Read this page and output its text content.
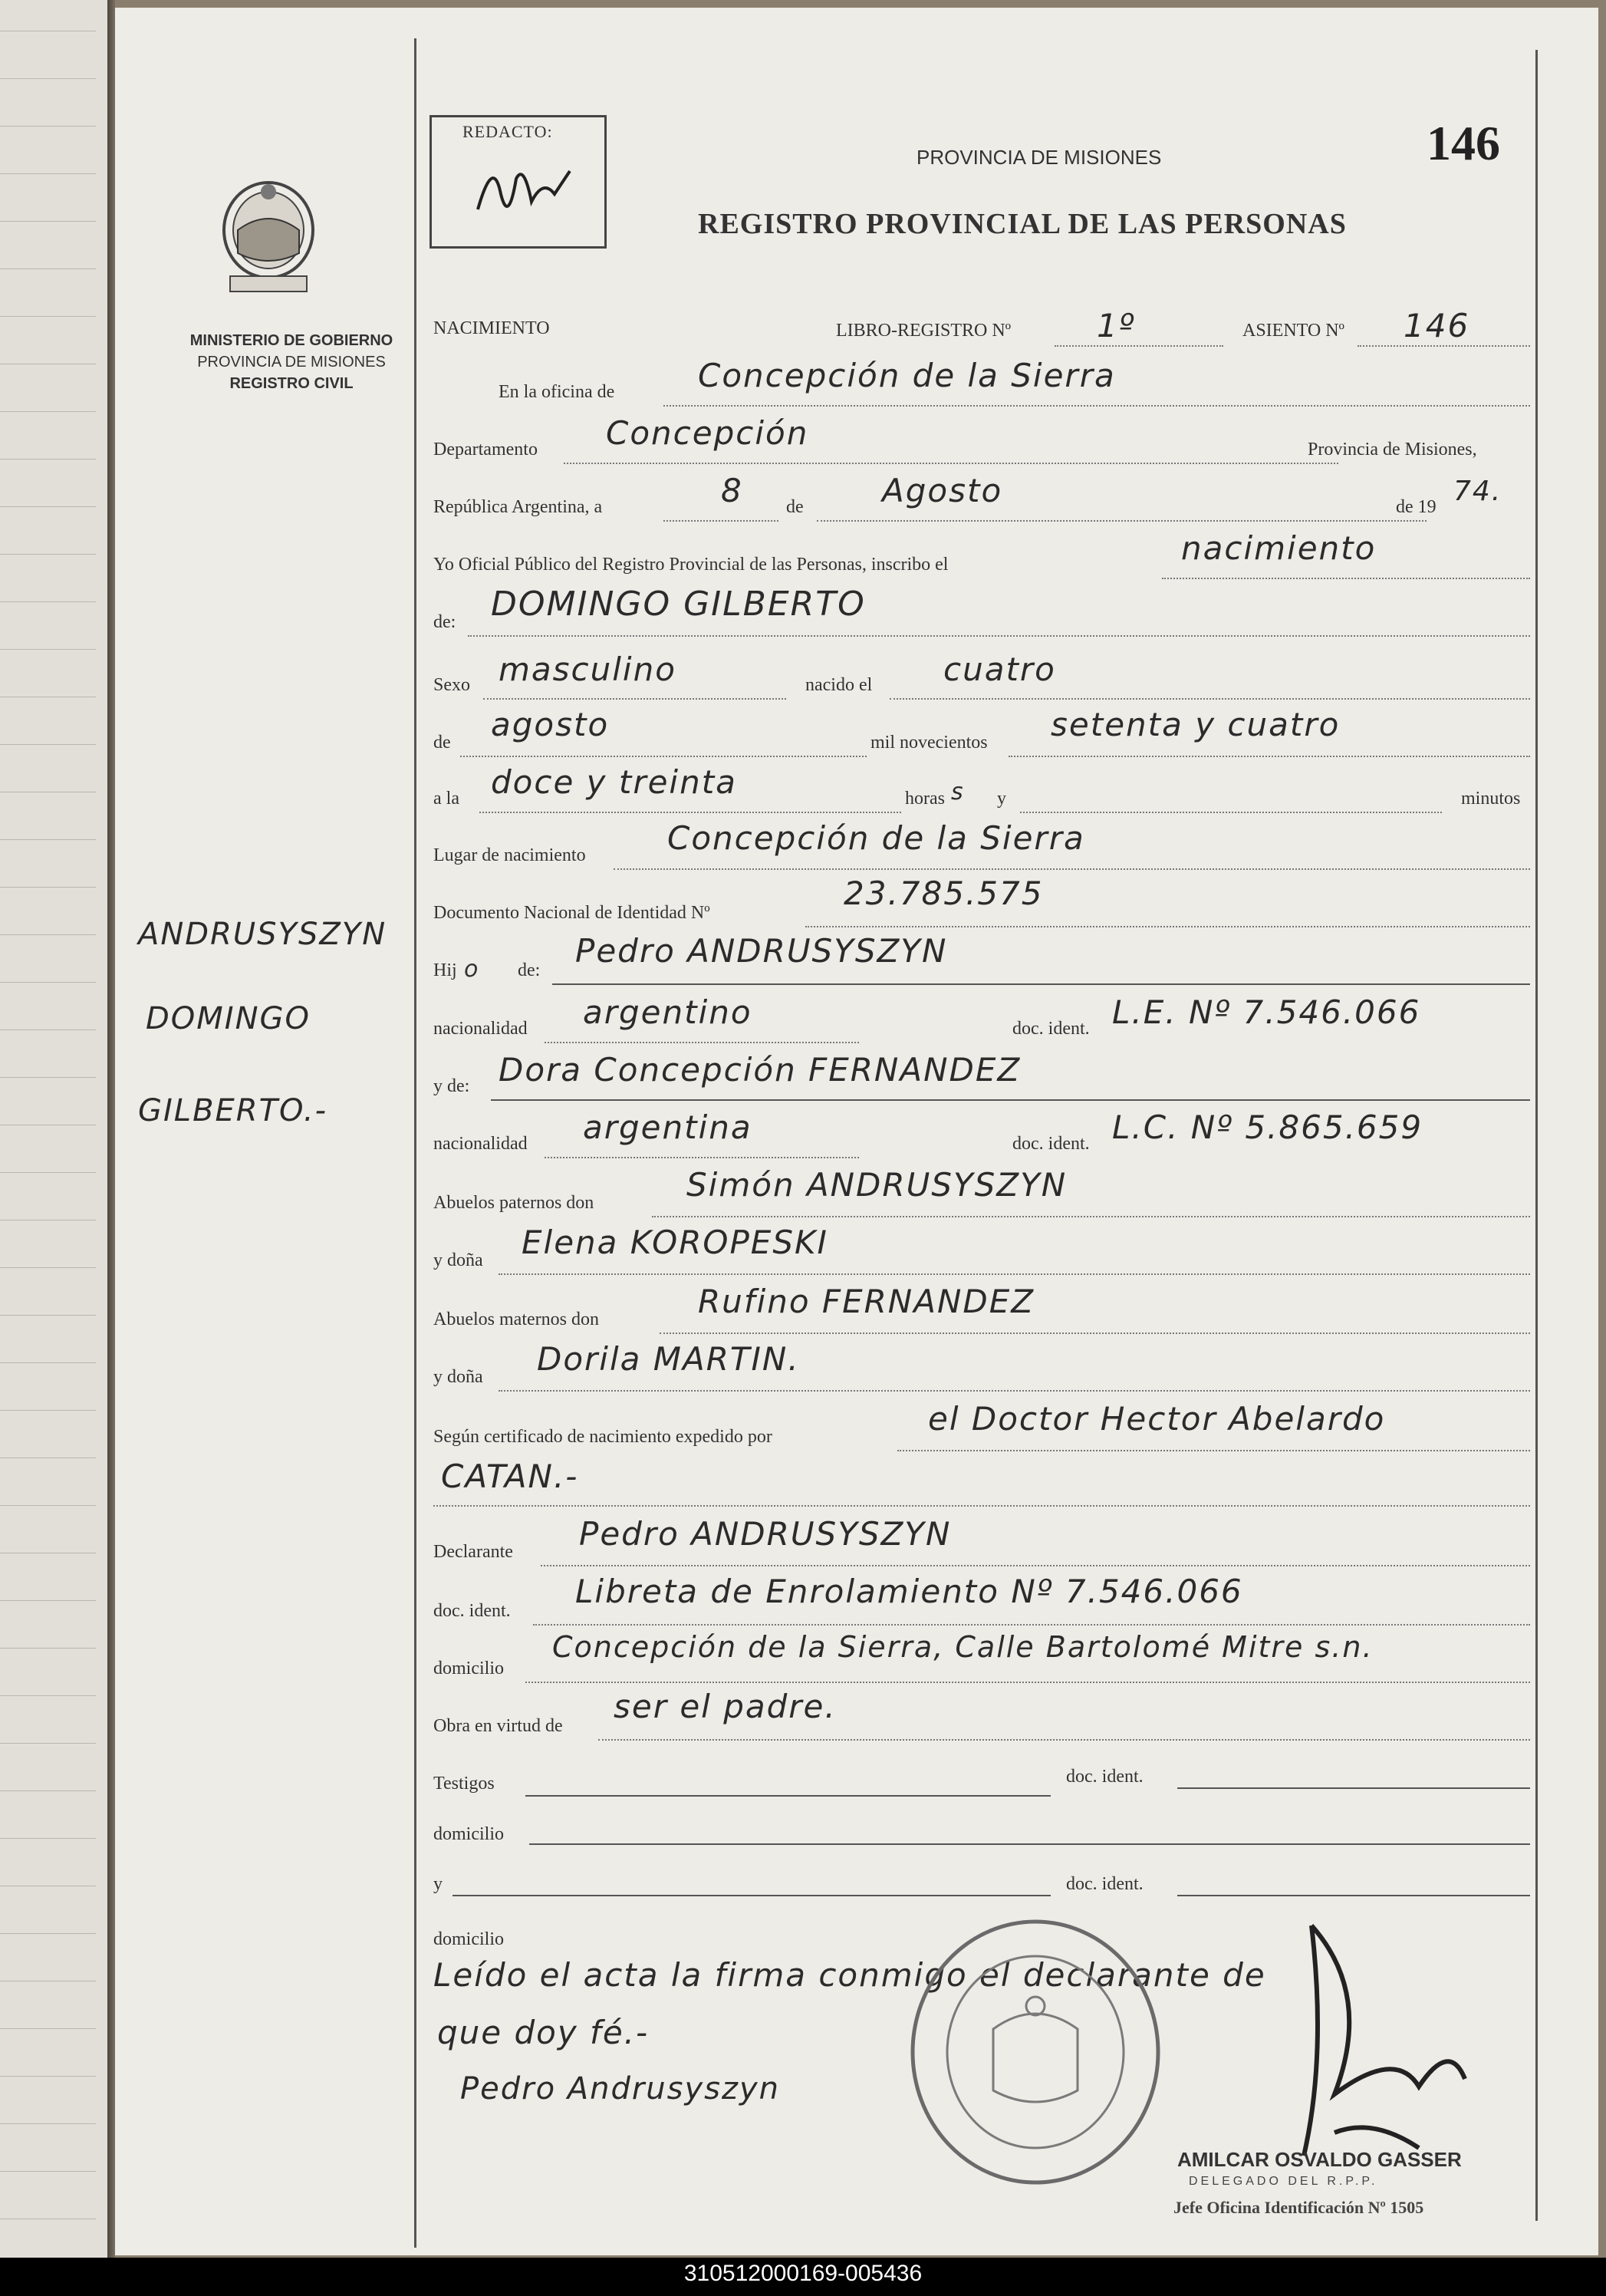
MINISTERIO DE GOBIERNO
PROVINCIA DE MISIONES
REGISTRO CIVIL
ANDRUSYSZYN
DOMINGO
GILBERTO.-
REDACTO:
PROVINCIA DE MISIONES
REGISTRO PROVINCIAL DE LAS PERSONAS
146
NACIMIENTO	LIBRO-REGISTRO Nº	1º	ASIENTO Nº 146
En la oficina de	Concepción de la Sierra
Departamento Concepción	Provincia de Misiones,
República Argentina, a	8 de Agosto	de 19 74.
Yo Oficial Público del Registro Provincial de las Personas, inscribo el	nacimiento
de: DOMINGO GILBERTO
Sexo masculino	nacido el cuatro
de agosto	mil novecientos setenta y cuatro
a la doce y treinta	horas s y	minutos
Lugar de nacimiento	Concepción de la Sierra
Documento Nacional de Identidad Nº
23.785.575
Hij o de:
Pedro ANDRUSYSZYN
nacionalidad argentino	doc. ident. L.E. Nº 7.546.066
y de: Dora Concepción FERNANDEZ
nacionalidad argentina	doc. ident. L.C. Nº 5.865.659
Abuelos paternos don	Simón ANDRUSYSZYN
y doña Elena KOROPESKI
Abuelos maternos don	Rufino FERNANDEZ
y doña Dorila MARTIN.
Según certificado de nacimiento expedido por	el Doctor Hector Abelardo
CATAN.-
Declarante Pedro ANDRUSYSZYN
doc. ident.
Libreta de Enrolamiento Nº 7.546.066
domicilio
Concepción de la Sierra, Calle Bartolomé Mitre s.n.
Obra en virtud de
ser el padre.
Testigos	doc. ident.
domicilio
y	doc. ident.
domicilio
Leído el acta la firma conmigo el declarante de
que doy fé.-
Pedro Andrusyszyn
AMILCAR OSVALDO GASSER
DELEGADO DEL R.P.P.
Jefe Oficina Identificación Nº 1505
310512000169-005436
